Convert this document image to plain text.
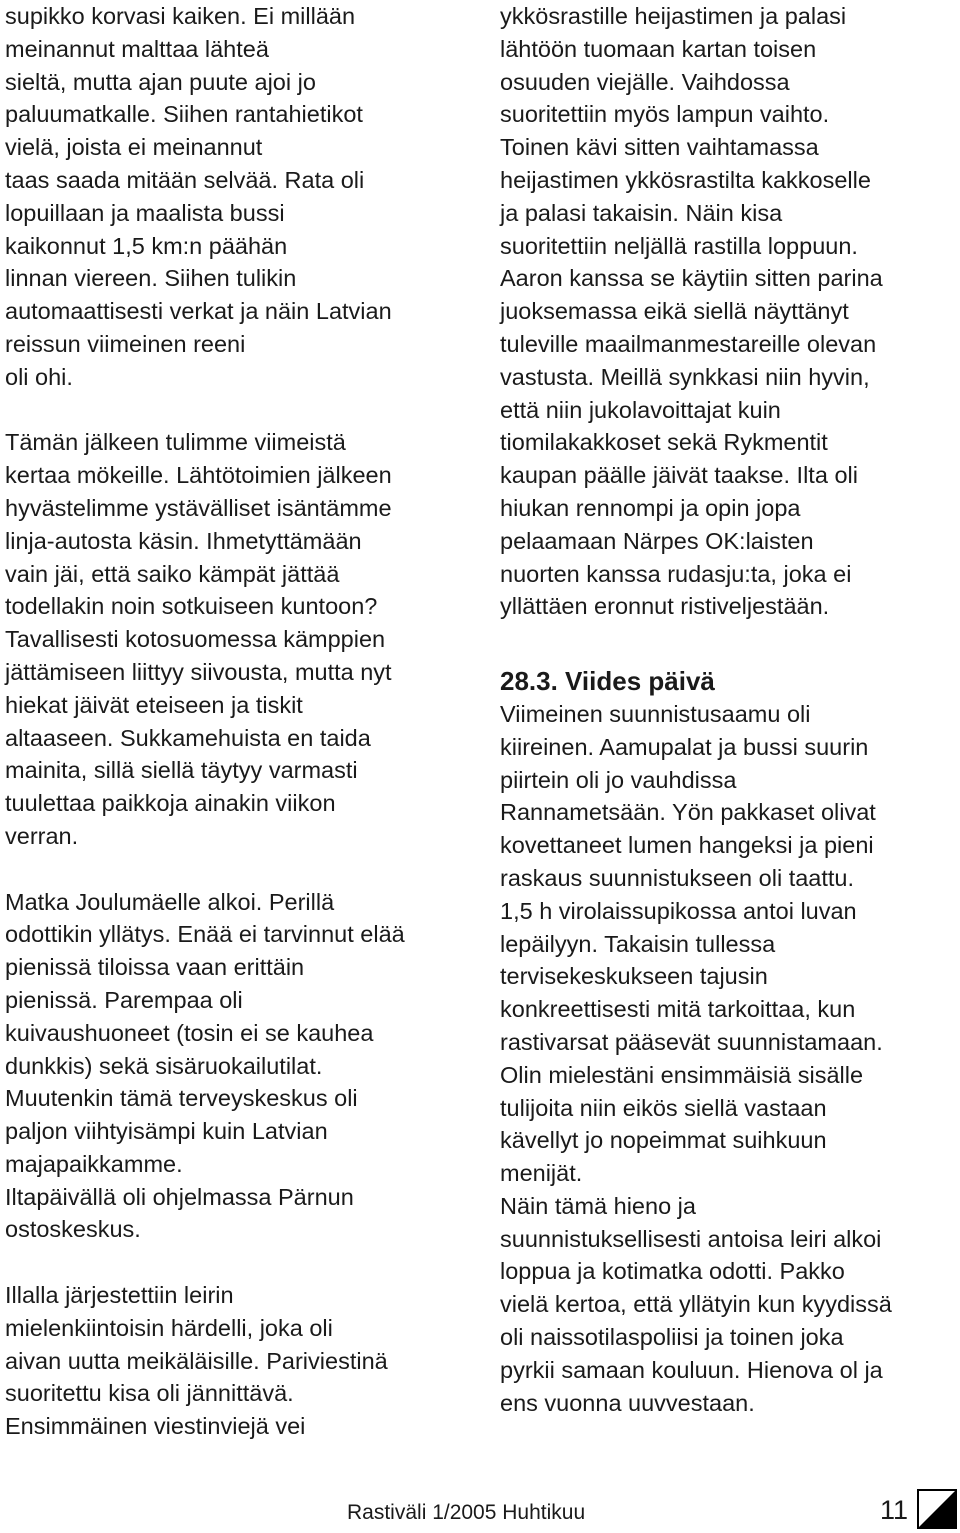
supikko korvasi kaiken. Ei millään
meinannut malttaa lähteä
sieltä, mutta ajan puute ajoi jo
paluumatkalle. Siihen rantahietikot
vielä, joista ei meinannut
taas saada mitään selvää. Rata oli
lopuillaan ja maalista bussi
kaikonnut 1,5 km:n päähän
linnan viereen. Siihen tulikin
automaattisesti verkat ja näin Latvian
reissun viimeinen reeni
oli ohi.
Tämän jälkeen tulimme viimeistä
kertaa mökeille. Lähtötoimien jälkeen
hyvästelimme ystävälliset isäntämme
linja-autosta käsin. Ihmetyttämään
vain jäi, että saiko kämpät jättää
todellakin noin sotkuiseen kuntoon?
Tavallisesti kotosuomessa kämppien
jättämiseen liittyy siivousta, mutta nyt
hiekat jäivät eteiseen ja tiskit
altaaseen. Sukkamehuista en taida
mainita, sillä siellä täytyy varmasti
tuulettaa paikkoja ainakin viikon
verran.
Matka Joulumäelle alkoi. Perillä
odottikin yllätys. Enää ei tarvinnut elää
pienissä tiloissa vaan erittäin
pienissä. Parempaa oli
kuivaushuoneet (tosin ei se kauhea
dunkkis) sekä sisäruokailutilat.
Muutenkin tämä terveyskeskus oli
paljon viihtyisämpi kuin Latvian
majapaikkamme.
Iltapäivällä oli ohjelmassa Pärnun
ostoskeskus.
Illalla järjestettiin leirin
mielenkiintoisin härdelli, joka oli
aivan uutta meikäläisille. Pariviestinä
suoritettu kisa oli jännittävä.
Ensimmäinen viestinviejä vei
ykkösrastille heijastimen ja palasi
lähtöön tuomaan kartan toisen
osuuden viejälle. Vaihdossa
suoritettiin myös lampun vaihto.
Toinen kävi sitten vaihtamassa
heijastimen ykkösrastilta kakkoselle
ja palasi takaisin. Näin kisa
suoritettiin neljällä rastilla loppuun.
Aaron kanssa se käytiin sitten parina
juoksemassa eikä siellä näyttänyt
tuleville maailmanmestareille olevan
vastusta. Meillä synkkasi niin hyvin,
että niin jukolavoittajat kuin
tiomilakakkoset sekä Rykmentit
kaupan päälle jäivät taakse. Ilta oli
hiukan rennompi ja opin jopa
pelaamaan Närpes OK:laisten
nuorten kanssa rudasju:ta, joka ei
yllättäen eronnut ristiveljestään.
28.3. Viides päivä
Viimeinen suunnistusaamu oli
kiireinen. Aamupalat ja bussi suurin
piirtein oli jo vauhdissa
Rannametsään. Yön pakkaset olivat
kovettaneet lumen hangeksi ja pieni
raskaus suunnistukseen oli taattu.
1,5 h virolaissupikossa antoi luvan
lepäilyyn. Takaisin tullessa
tervisekeskukseen tajusin
konkreettisesti mitä tarkoittaa, kun
rastivarsat pääsevät suunnistamaan.
Olin mielestäni ensimmäisiä sisälle
tulijoita niin eikös siellä vastaan
kävellyt jo nopeimmat suihkuun
menijät.
Näin tämä hieno ja
suunnistuksellisesti antoisa leiri alkoi
loppua ja kotimatka odotti. Pakko
vielä kertoa, että yllätyin kun kyydissä
oli naissotilaspoliisi ja toinen joka
pyrkii samaan kouluun. Hienova ol ja
ens vuonna uuvvestaan.
Rastiväli 1/2005 Huhtikuu	11
